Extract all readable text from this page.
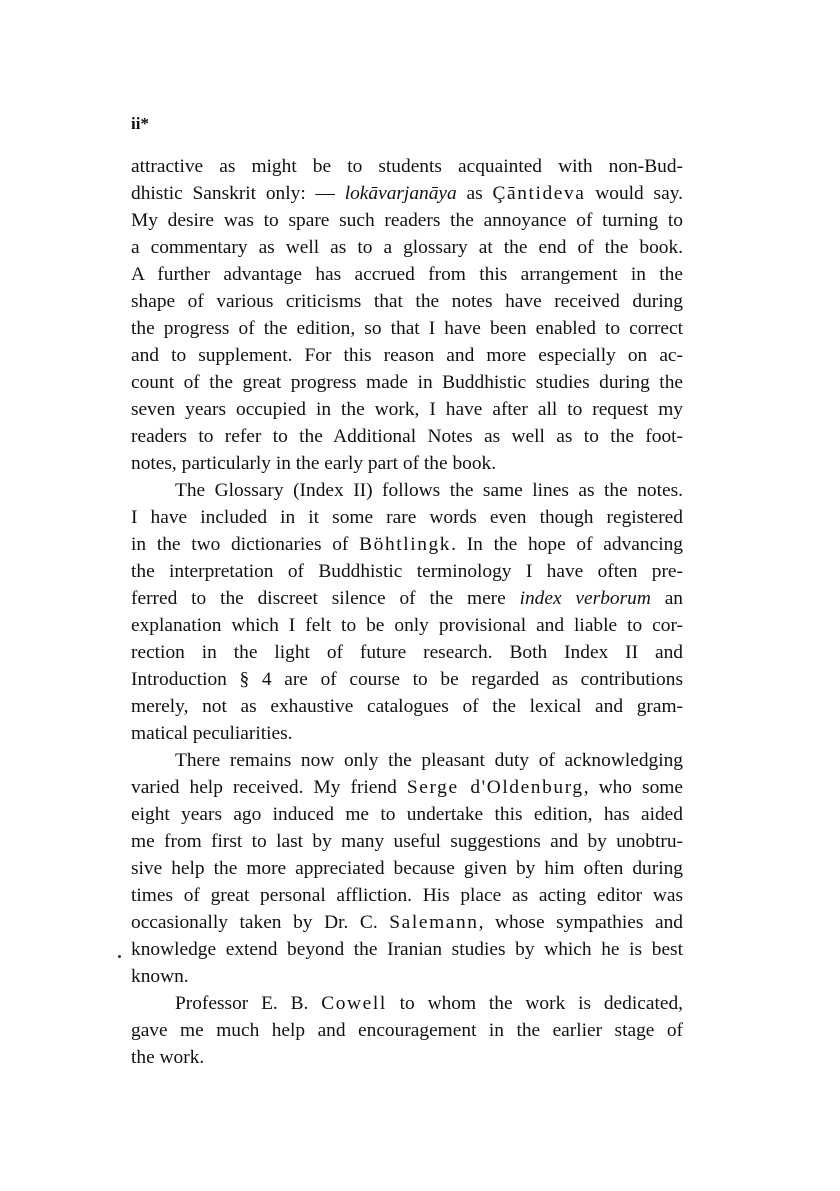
ii*
attractive as might be to students acquainted with non-Bud-
dhistic Sanskrit only: — lokāvarjanāya as Çāntideva would say.
My desire was to spare such readers the annoyance of turning to
a commentary as well as to a glossary at the end of the book.
A further advantage has accrued from this arrangement in the
shape of various criticisms that the notes have received during
the progress of the edition, so that I have been enabled to correct
and to supplement. For this reason and more especially on ac-
count of the great progress made in Buddhistic studies during the
seven years occupied in the work, I have after all to request my
readers to refer to the Additional Notes as well as to the foot-
notes, particularly in the early part of the book.
The Glossary (Index II) follows the same lines as the notes.
I have included in it some rare words even though registered
in the two dictionaries of Böhtlingk. In the hope of advancing
the interpretation of Buddhistic terminology I have often pre-
ferred to the discreet silence of the mere index verborum an
explanation which I felt to be only provisional and liable to cor-
rection in the light of future research. Both Index II and
Introduction § 4 are of course to be regarded as contributions
merely, not as exhaustive catalogues of the lexical and gram-
matical peculiarities.
There remains now only the pleasant duty of acknowledging
varied help received. My friend Serge d'Oldenburg, who some
eight years ago induced me to undertake this edition, has aided
me from first to last by many useful suggestions and by unobtru-
sive help the more appreciated because given by him often during
times of great personal affliction. His place as acting editor was
occasionally taken by Dr. C. Salemann, whose sympathies and
knowledge extend beyond the Iranian studies by which he is best
known.
Professor E. B. Cowell to whom the work is dedicated,
gave me much help and encouragement in the earlier stage of
the work.
